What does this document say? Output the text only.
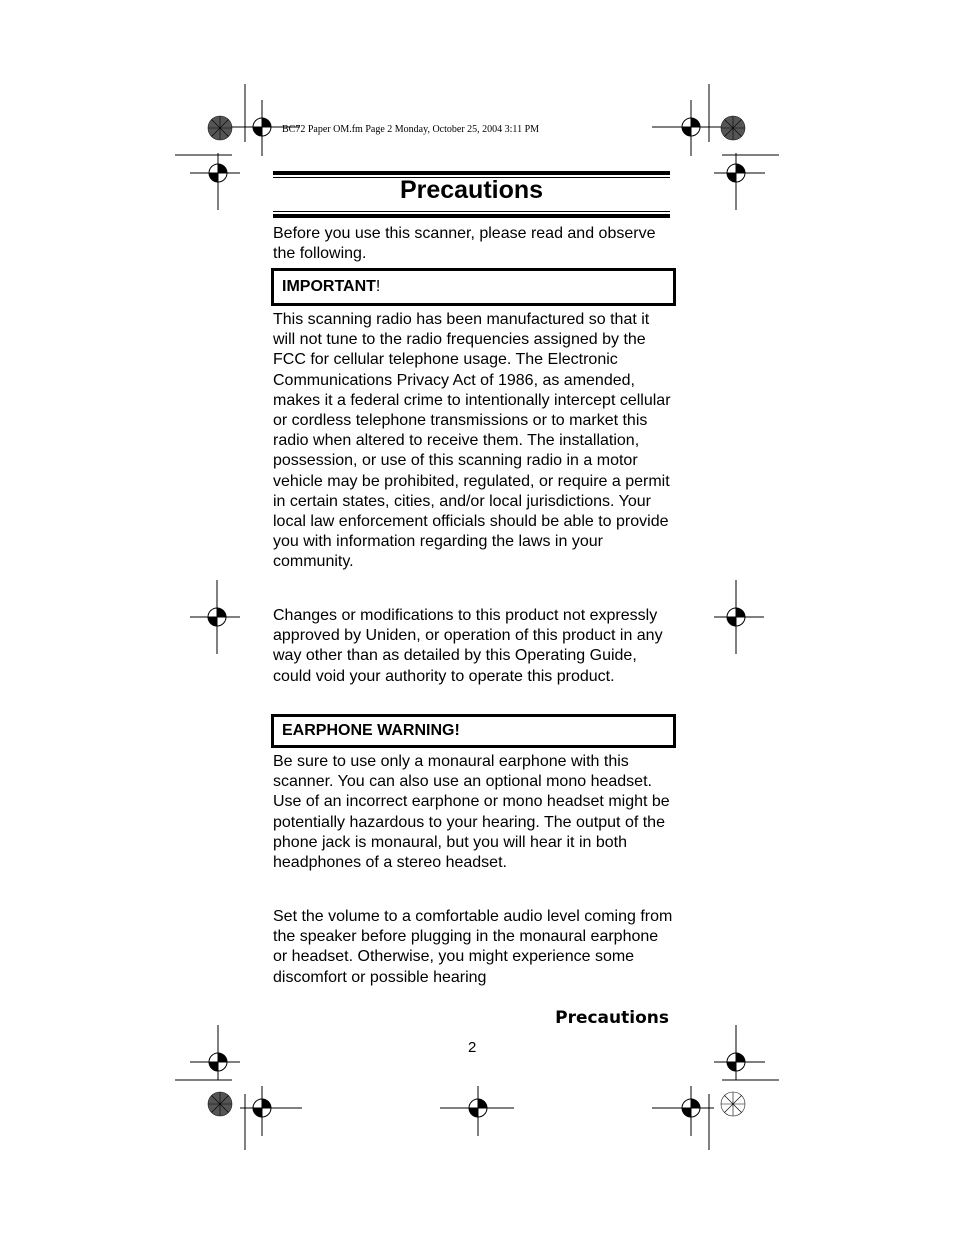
BC72 Paper OM.fm Page 2 Monday, October 25, 2004 3:11 PM
Precautions

Before you use this scanner, please read and observe the following.

IMPORTANT!

This scanning radio has been manufactured so that it will not tune to the radio frequencies assigned by the FCC for cellular telephone usage. The Electronic Communications Privacy Act of 1986, as amended, makes it a federal crime to intentionally intercept cellular or cordless telephone transmissions or to market this radio when altered to receive them. The installation, possession, or use of this scanning radio in a motor vehicle may be prohibited, regulated, or require a permit in certain states, cities, and/or local jurisdictions. Your local law enforcement officials should be able to provide you with information regarding the laws in your community.

Changes or modifications to this product not expressly approved by Uniden, or operation of this product in any way other than as detailed by this Operating Guide, could void your authority to operate this product.

EARPHONE WARNING!

Be sure to use only a monaural earphone with this scanner. You can also use an optional mono headset. Use of an incorrect earphone or mono headset might be potentially hazardous to your hearing. The output of the phone jack is monaural, but you will hear it in both headphones of a stereo headset.

Set the volume to a comfortable audio level coming from the speaker before plugging in the monaural earphone or headset. Otherwise, you might experience some discomfort or possible hearing

Precautions
2
